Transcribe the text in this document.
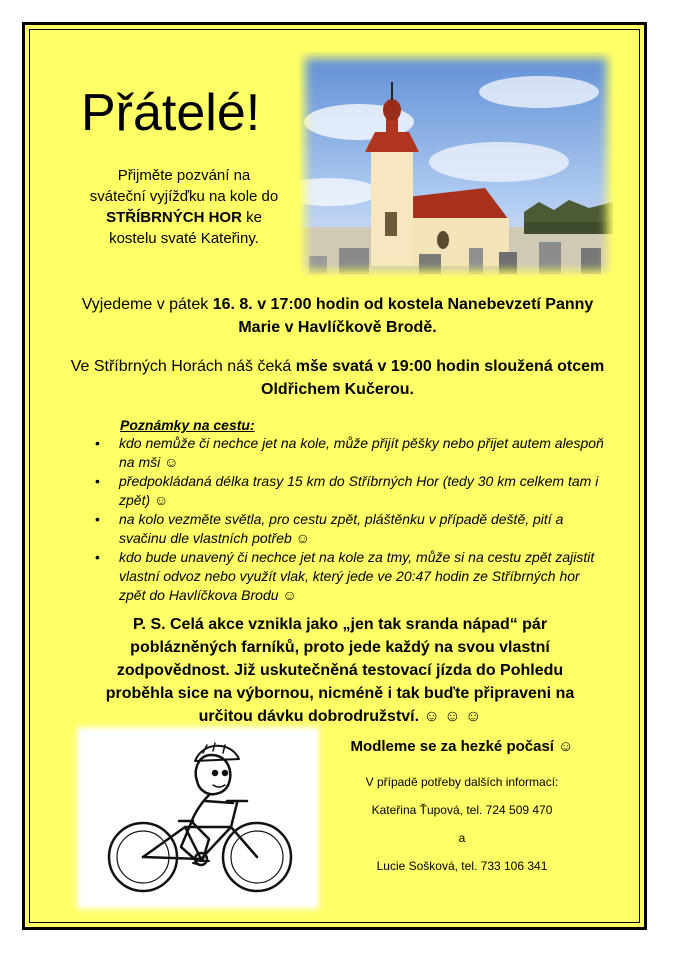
Přátelé!
Přijměte pozvání na sváteční vyjížďku na kole do STŘÍBRNÝCH HOR ke kostelu svaté Kateřiny.
Vyjedeme v pátek 16. 8. v 17:00 hodin od kostela Nanebevzetí Panny Marie v Havlíčkově Brodě.
Ve Stříbrných Horách náš čeká mše svatá v 19:00 hodin sloužená otcem Oldřichem Kučerou.
Poznámky na cestu:
• kdo nemůže či nechce jet na kole, může přijít pěšky nebo přijet autem alespoň na mši ☺
• předpokládaná délka trasy 15 km do Stříbrných Hor (tedy 30 km celkem tam i zpět) ☺
• na kolo vezměte světla, pro cestu zpět, pláštěnku v případě deště, pití a svačinu dle vlastních potřeb ☺
• kdo bude unavený či nechce jet na kole za tmy, může si na cestu zpět zajistit vlastní odvoz nebo využít vlak, který jede ve 20:47 hodin ze Stříbrných hor zpět do Havlíčkova Brodu ☺
P. S. Celá akce vznikla jako „jen tak sranda nápad“ pár poblázněných farníků, proto jede každý na svou vlastní zodpovědnost. Již uskutečněná testovací jízda do Pohledu proběhla sice na výbornou, nicméně i tak buďte připraveni na určitou dávku dobrodružství. ☺ ☺ ☺
Modleme se za hezké počasí ☺
V případě potřeby dalších informací:
Kateřina Ťupová, tel. 724 509 470
a
Lucie Sošková, tel. 733 106 341
